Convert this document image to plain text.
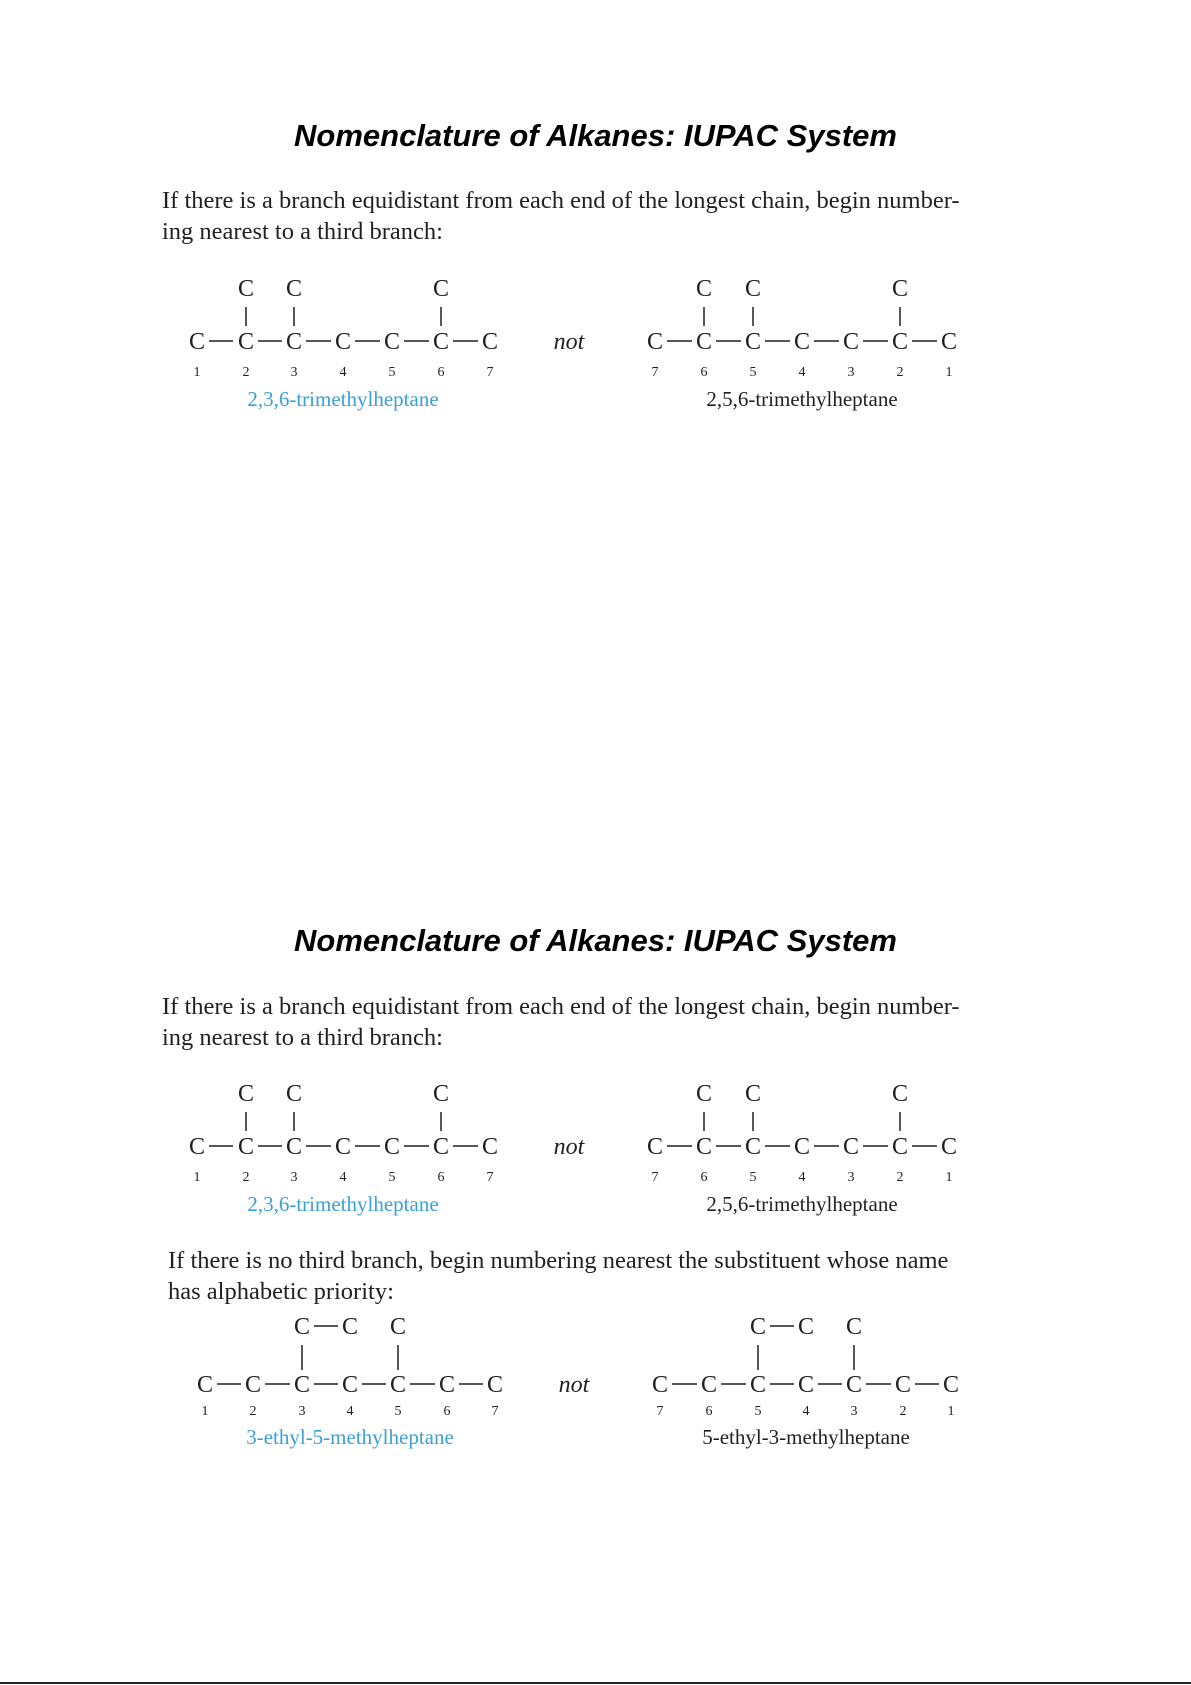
Nomenclature of Alkanes: IUPAC System
If there is a branch equidistant from each end of the longest chain, begin number-
ing nearest to a third branch:
C C	C
C C C C C C C
1	2	3	4	5	6	7
2,3,6-trimethylheptane
not
C C	C
C C C C C C C
7	6	5	4	3	2	1
2,5,6-trimethylheptane
Nomenclature of Alkanes: IUPAC System
If there is a branch equidistant from each end of the longest chain, begin number-
ing nearest to a third branch:
C C	C
C C C C C C C
1	2	3	4	5	6	7
2,3,6-trimethylheptane
not
C C	C
C C C C C C C
7	6	5	4	3	2	1
2,5,6-trimethylheptane
If there is no third branch, begin numbering nearest the substituent whose name
has alphabetic priority:
C C C
C C C C C C C
1	2	3	4	5	6	7
3-ethyl-5-methylheptane
not
C C C
C C C C C C C
7	6	5	4	3	2	1
5-ethyl-3-methylheptane
